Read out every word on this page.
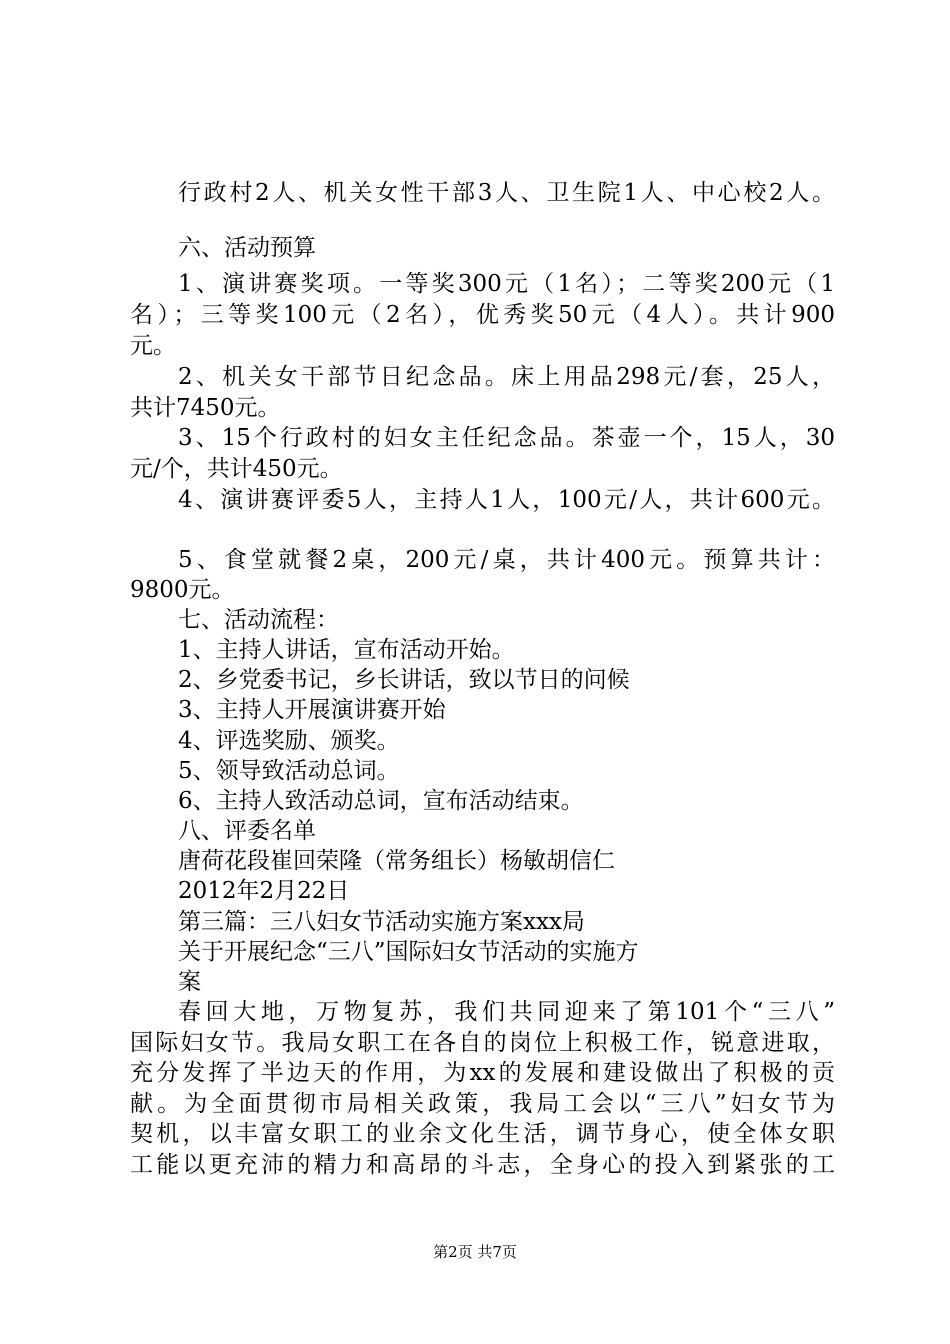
行政村2人、机关女性干部3人、卫生院1人、中心校2人。
六、活动预算
1、演讲赛奖项。一等奖300元（1名）；二等奖200元（1
名）；三等奖100元（2名），优秀奖50元（4人）。共计900
元。
2、机关女干部节日纪念品。床上用品298元/套，25人，
共计7450元。
3、15个行政村的妇女主任纪念品。茶壶一个，15人，30
元/个，共计450元。
4、演讲赛评委5人，主持人1人，100元/人，共计600元。
5、食堂就餐2桌，200元/桌，共计400元。预算共计：
9800元。
七、活动流程：
1、主持人讲话，宣布活动开始。
2、乡党委书记，乡长讲话，致以节日的问候
3、主持人开展演讲赛开始
4、评选奖励、颁奖。
5、领导致活动总词。
6、主持人致活动总词，宣布活动结束。
八、评委名单
唐荷花段崔回荣隆（常务组长）杨敏胡信仁
2012年2月22日
第三篇：三八妇女节活动实施方案xxx局
关于开展纪念“三八”国际妇女节活动的实施方
案
春回大地，万物复苏，我们共同迎来了第101个“三八”
国际妇女节。我局女职工在各自的岗位上积极工作，锐意进取，
充分发挥了半边天的作用，为xx的发展和建设做出了积极的贡
献。为全面贯彻市局相关政策，我局工会以“三八”妇女节为
契机，以丰富女职工的业余文化生活，调节身心，使全体女职
工能以更充沛的精力和高昂的斗志，全身心的投入到紧张的工
第2页 共7页
